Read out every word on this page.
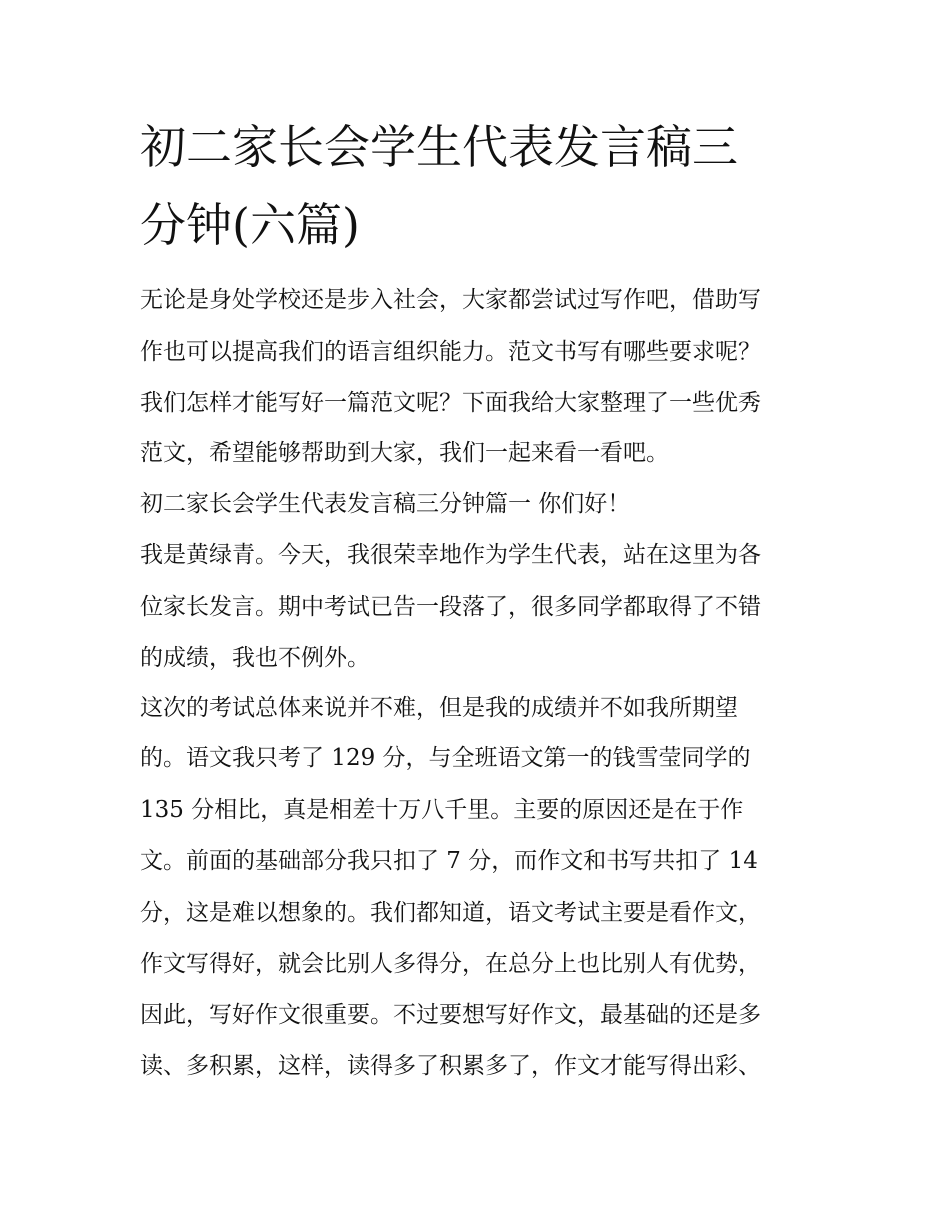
初二家长会学生代表发言稿三
分钟(六篇)
无论是身处学校还是步入社会，大家都尝试过写作吧，借助写
作也可以提高我们的语言组织能力。范文书写有哪些要求呢？
我们怎样才能写好一篇范文呢？下面我给大家整理了一些优秀
范文，希望能够帮助到大家，我们一起来看一看吧。
初二家长会学生代表发言稿三分钟篇一 你们好！
我是黄绿青。今天，我很荣幸地作为学生代表，站在这里为各
位家长发言。期中考试已告一段落了，很多同学都取得了不错
的成绩，我也不例外。
这次的考试总体来说并不难，但是我的成绩并不如我所期望
的。语文我只考了 129 分，与全班语文第一的钱雪莹同学的
135 分相比，真是相差十万八千里。主要的原因还是在于作
文。前面的基础部分我只扣了 7 分，而作文和书写共扣了 14
分，这是难以想象的。我们都知道，语文考试主要是看作文，
作文写得好，就会比别人多得分，在总分上也比别人有优势，
因此，写好作文很重要。不过要想写好作文，最基础的还是多
读、多积累，这样，读得多了积累多了，作文才能写得出彩、
